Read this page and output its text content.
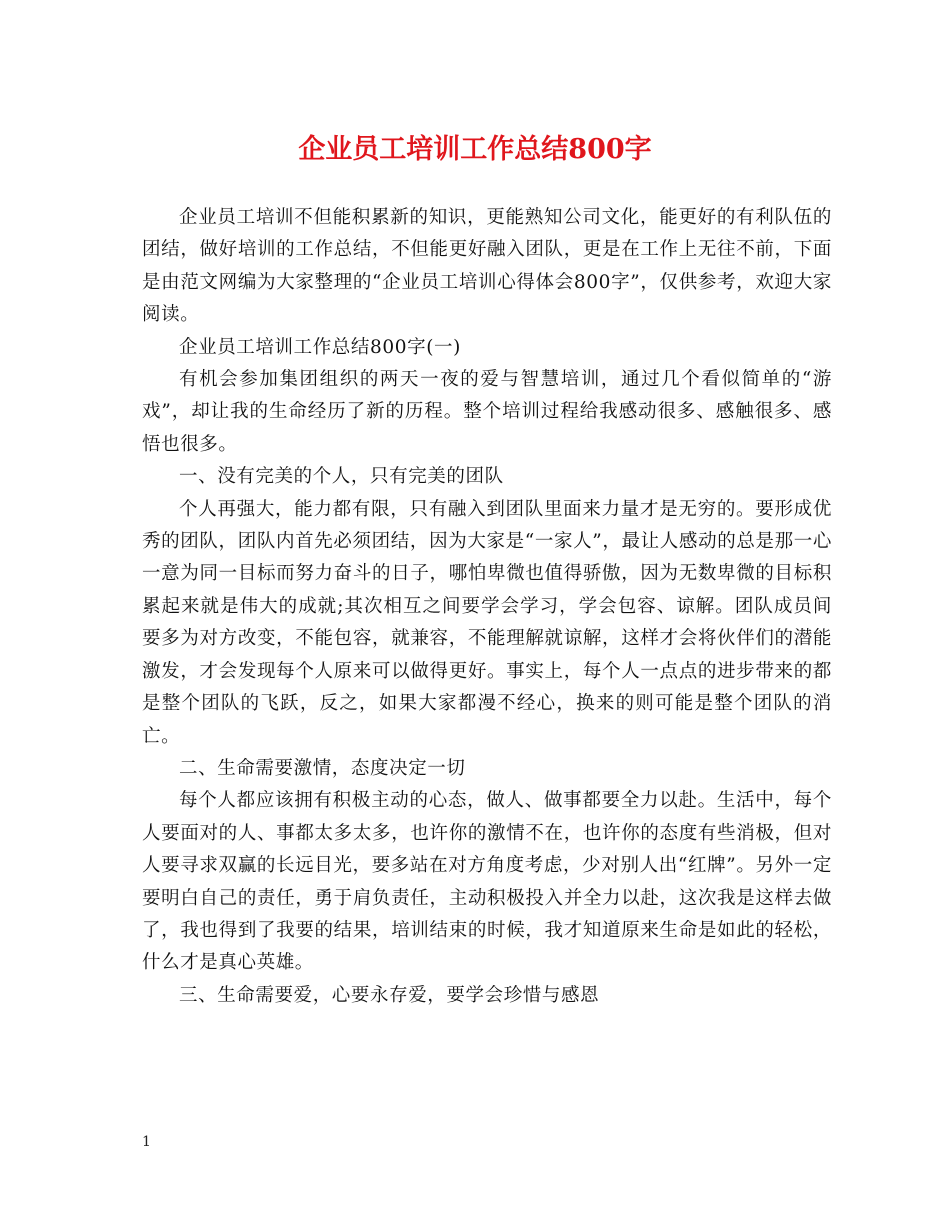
企业员工培训工作总结800字

企业员工培训不但能积累新的知识，更能熟知公司文化，能更好的有利队伍的团结，做好培训的工作总结，不但能更好融入团队，更是在工作上无往不前，下面是由范文网编为大家整理的“企业员工培训心得体会800字”，仅供参考，欢迎大家阅读。

企业员工培训工作总结800字(一)

有机会参加集团组织的两天一夜的爱与智慧培训，通过几个看似简单的“游戏”，却让我的生命经历了新的历程。整个培训过程给我感动很多、感触很多、感悟也很多。

一、没有完美的个人，只有完美的团队

个人再强大，能力都有限，只有融入到团队里面来力量才是无穷的。要形成优秀的团队，团队内首先必须团结，因为大家是“一家人”，最让人感动的总是那一心一意为同一目标而努力奋斗的日子，哪怕卑微也值得骄傲，因为无数卑微的目标积累起来就是伟大的成就;其次相互之间要学会学习，学会包容、谅解。团队成员间要多为对方改变，不能包容，就兼容，不能理解就谅解，这样才会将伙伴们的潜能激发，才会发现每个人原来可以做得更好。事实上，每个人一点点的进步带来的都是整个团队的飞跃，反之，如果大家都漫不经心，换来的则可能是整个团队的消亡。

二、生命需要激情，态度决定一切

每个人都应该拥有积极主动的心态，做人、做事都要全力以赴。生活中，每个人要面对的人、事都太多太多，也许你的激情不在，也许你的态度有些消极，但对人要寻求双赢的长远目光，要多站在对方角度考虑，少对别人出“红牌”。另外一定要明白自己的责任，勇于肩负责任，主动积极投入并全力以赴，这次我是这样去做了，我也得到了我要的结果，培训结束的时候，我才知道原来生命是如此的轻松，什么才是真心英雄。

三、生命需要爱，心要永存爱，要学会珍惜与感恩

1
